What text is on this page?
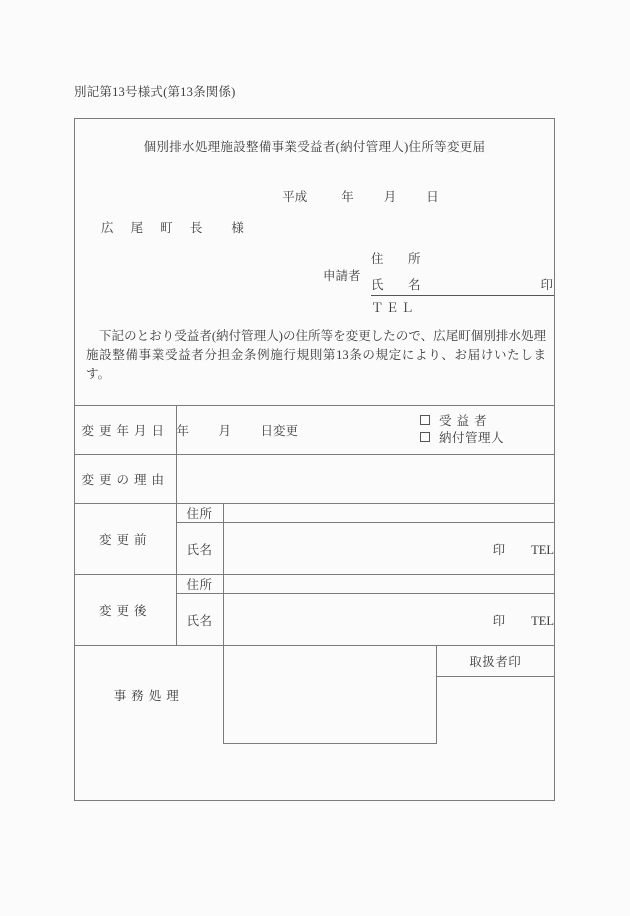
別記第13号様式(第13条関係)
個別排水処理施設整備事業受益者(納付管理人)住所等変更届
平成	年 月 日
広 尾 町 長 様
申請者
住　所
氏　名	印
ＴＥＬ
下記のとおり受益者(納付管理人)の住所等を変更したので、広尾町個別排水処理施設整備事業受益者分担金条例施行規則第13条の規定により、お届けいたします。
変更年月日	年 月 日変更
受益者
納付管理人		

変更の理由			
変更前	住所		
	氏名	印 TEL	
変更後	住所		
	氏名	印 TEL	
事務処理			取扱者印
